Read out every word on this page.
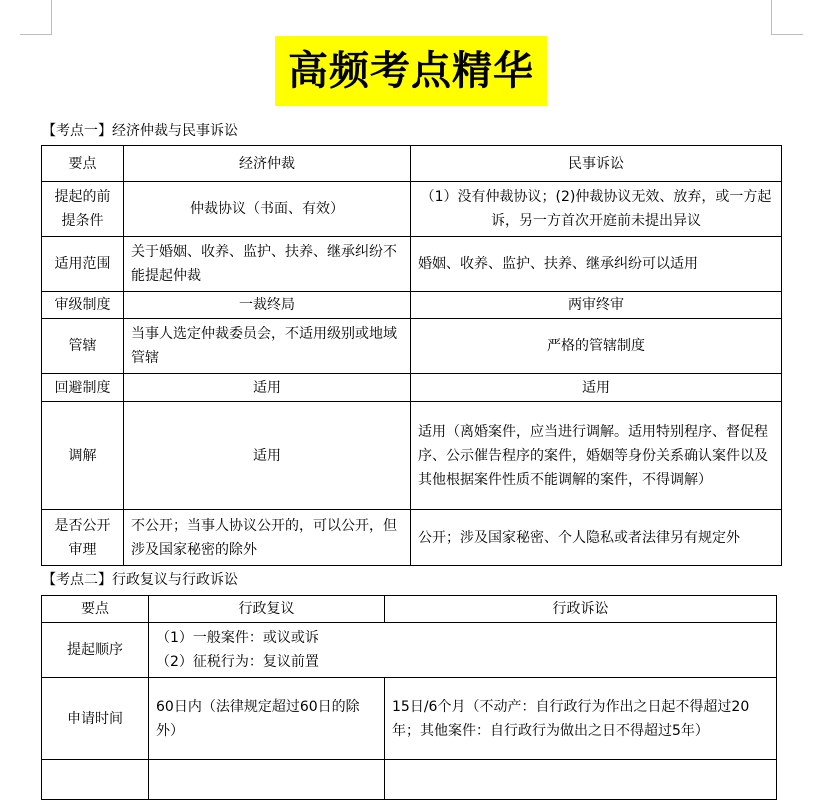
高频考点精华
【考点一】经济仲裁与民事诉讼
要点	经济仲裁	民事诉讼
提起的前提条件	仲裁协议（书面、有效）	（1）没有仲裁协议；(2)仲裁协议无效、放弃，或一方起诉，另一方首次开庭前未提出异议
适用范围	关于婚姻、收养、监护、扶养、继承纠纷不能提起仲裁	婚姻、收养、监护、扶养、继承纠纷可以适用
审级制度	一裁终局	两审终审
管辖	当事人选定仲裁委员会，不适用级别或地域管辖	严格的管辖制度
回避制度	适用	适用
调解	适用	适用（离婚案件，应当进行调解。适用特别程序、督促程序、公示催告程序的案件，婚姻等身份关系确认案件以及其他根据案件性质不能调解的案件，不得调解）
是否公开审理	不公开；当事人协议公开的，可以公开，但涉及国家秘密的除外	公开；涉及国家秘密、个人隐私或者法律另有规定外
【考点二】行政复议与行政诉讼
要点	行政复议	行政诉讼
提起顺序	（1）一般案件：或议或诉
（2）征税行为：复议前置	

申请时间	60日内（法律规定超过60日的除外）	15日/6个月（不动产：自行政行为作出之日起不得超过20年；其他案件：自行政行为做出之日不得超过5年）
